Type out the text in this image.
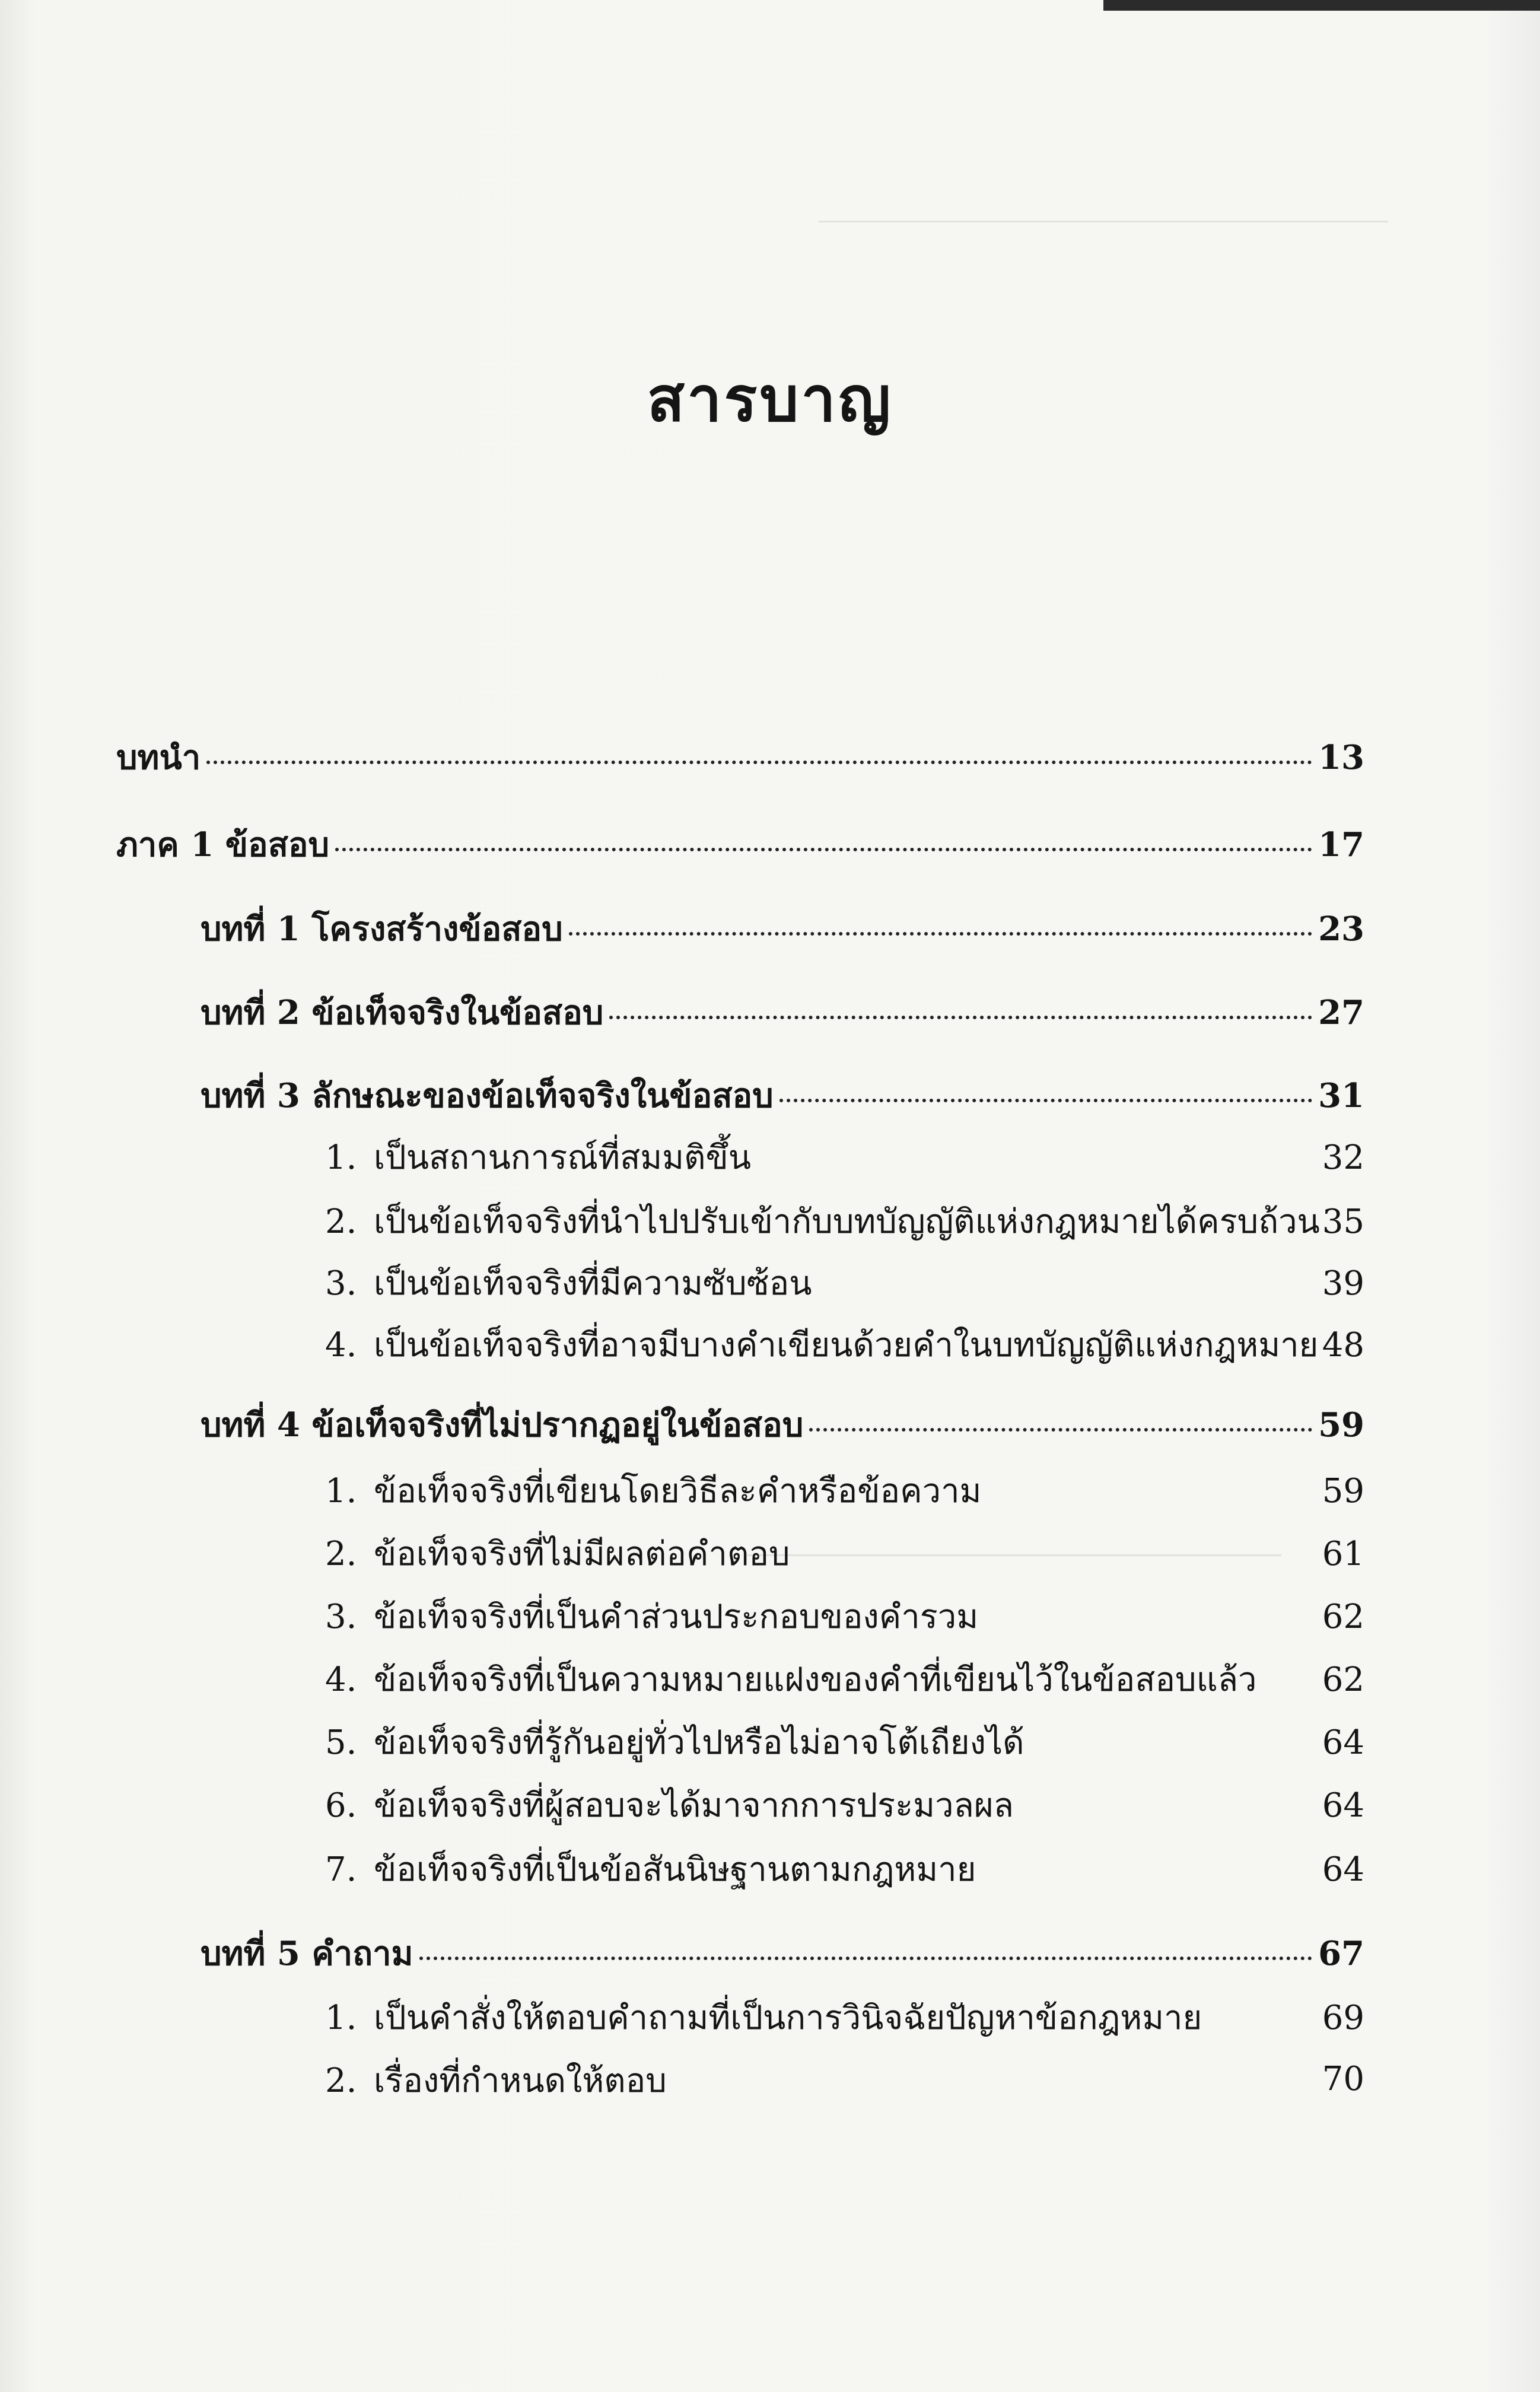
สารบาญ
บทนำ	13
ภาค 1 ข้อสอบ	17
บทที่ 1 โครงสร้างข้อสอบ	23
บทที่ 2 ข้อเท็จจริงในข้อสอบ	27
บทที่ 3 ลักษณะของข้อเท็จจริงในข้อสอบ	31
1. เป็นสถานการณ์ที่สมมติขึ้น	32
2. เป็นข้อเท็จจริงที่นำไปปรับเข้ากับบทบัญญัติแห่งกฎหมายได้ครบถ้วน 35
3. เป็นข้อเท็จจริงที่มีความซับซ้อน	39
4. เป็นข้อเท็จจริงที่อาจมีบางคำเขียนด้วยคำในบทบัญญัติแห่งกฎหมาย 48
บทที่ 4 ข้อเท็จจริงที่ไม่ปรากฏอยู่ในข้อสอบ	59
1. ข้อเท็จจริงที่เขียนโดยวิธีละคำหรือข้อความ	59
2. ข้อเท็จจริงที่ไม่มีผลต่อคำตอบ	61
3. ข้อเท็จจริงที่เป็นคำส่วนประกอบของคำรวม	62
4. ข้อเท็จจริงที่เป็นความหมายแฝงของคำที่เขียนไว้ในข้อสอบแล้ว 62
5. ข้อเท็จจริงที่รู้กันอยู่ทั่วไปหรือไม่อาจโต้เถียงได้	64
6. ข้อเท็จจริงที่ผู้สอบจะได้มาจากการประมวลผล	64
7. ข้อเท็จจริงที่เป็นข้อสันนิษฐานตามกฎหมาย	64
บทที่ 5 คำถาม	67
1. เป็นคำสั่งให้ตอบคำถามที่เป็นการวินิจฉัยปัญหาข้อกฎหมาย	69
2. เรื่องที่กำหนดให้ตอบ	70
